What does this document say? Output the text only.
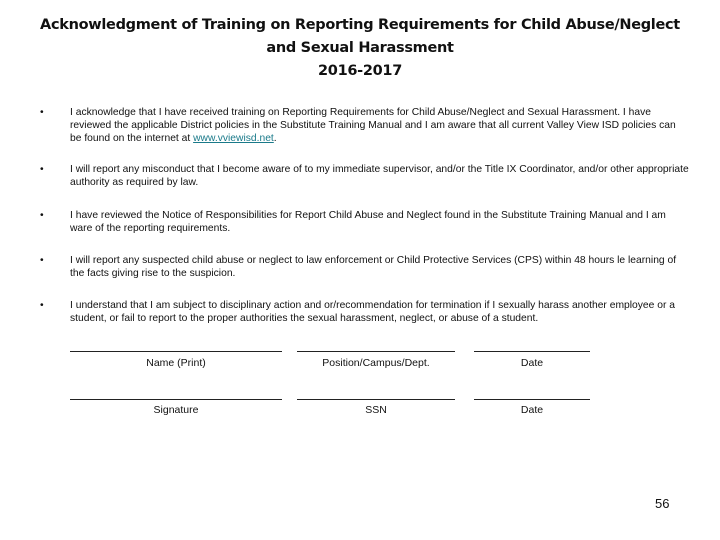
Acknowledgment of Training on Reporting Requirements for Child Abuse/Neglect
and Sexual Harassment
2016-2017
•	I acknowledge that I have received training on Reporting Requirements for Child Abuse/Neglect and Sexual Harassment. I have reviewed the applicable District policies in the Substitute Training Manual and I am aware that all current Valley View ISD policies can be found on the internet at www.vviewisd.net.
•	I will report any misconduct that I become aware of to my immediate supervisor, and/or the Title IX Coordinator, and/or other appropriate authority as required by law.
•	I have reviewed the Notice of Responsibilities for Report Child Abuse and Neglect found in the Substitute Training Manual and I am ware of the reporting requirements.
•	I will report any suspected child abuse or neglect to law enforcement or Child Protective Services (CPS) within 48 hours le learning of the facts giving rise to the suspicion.
•	I understand that I am subject to disciplinary action and or/recommendation for termination if I sexually harass another employee or a student, or fail to report to the proper authorities the sexual harassment, neglect, or abuse of a student.
Name (Print)	Position/Campus/Dept.	Date
Signature	SSN	Date
56
